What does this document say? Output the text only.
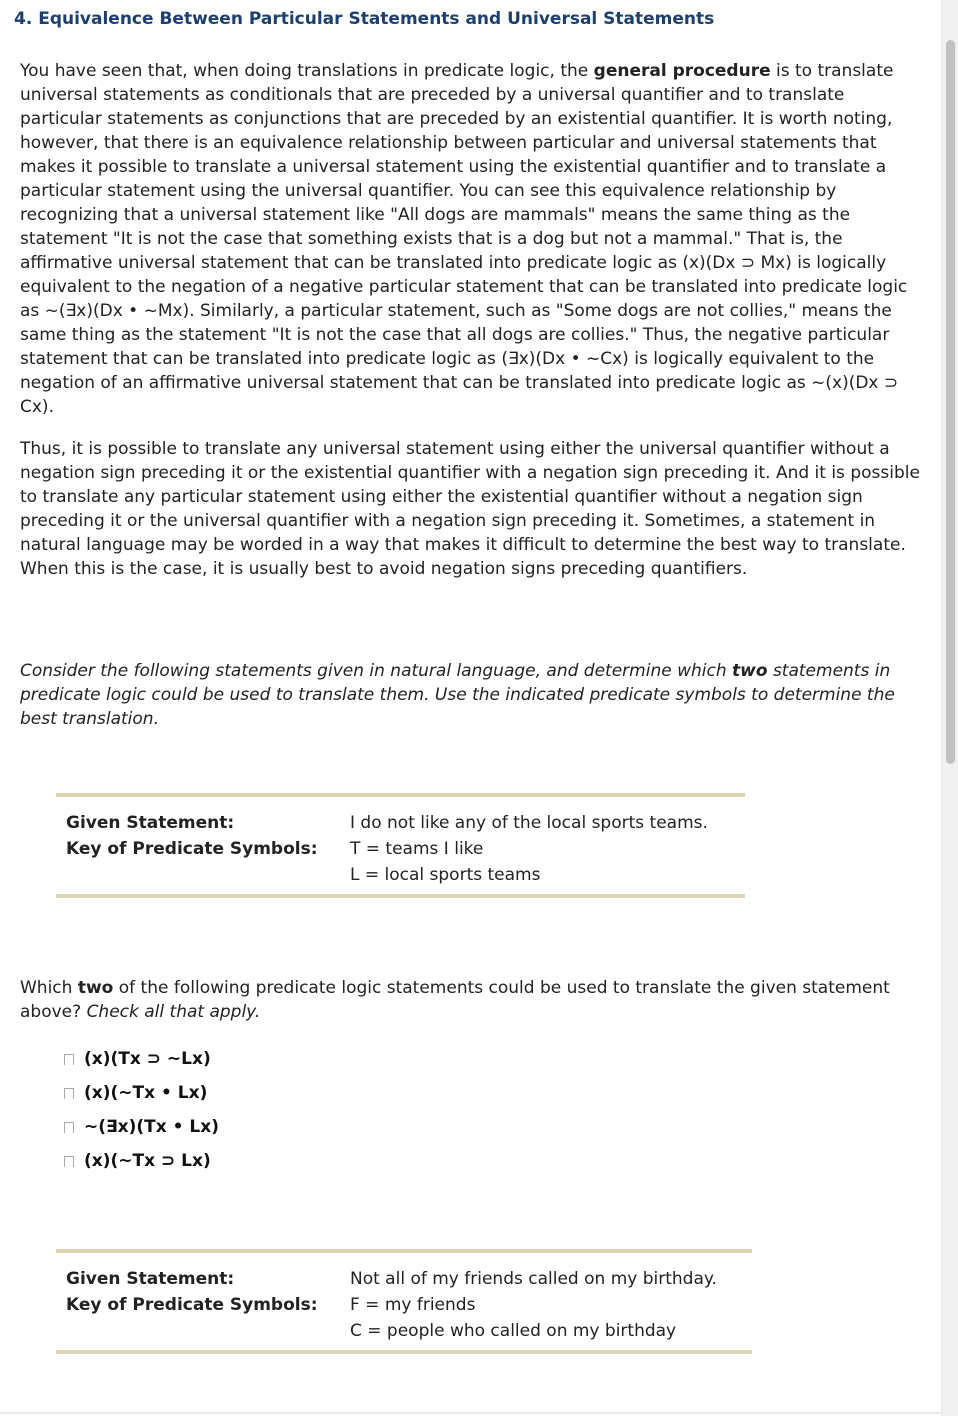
4. Equivalence Between Particular Statements and Universal Statements

You have seen that, when doing translations in predicate logic, the general procedure is to translate universal statements as conditionals that are preceded by a universal quantifier and to translate particular statements as conjunctions that are preceded by an existential quantifier. It is worth noting, however, that there is an equivalence relationship between particular and universal statements that makes it possible to translate a universal statement using the existential quantifier and to translate a particular statement using the universal quantifier. You can see this equivalence relationship by recognizing that a universal statement like "All dogs are mammals" means the same thing as the statement "It is not the case that something exists that is a dog but not a mammal." That is, the affirmative universal statement that can be translated into predicate logic as (x)(Dx ⊃ Mx) is logically equivalent to the negation of a negative particular statement that can be translated into predicate logic as ~(∃x)(Dx • ~Mx). Similarly, a particular statement, such as "Some dogs are not collies," means the same thing as the statement "It is not the case that all dogs are collies." Thus, the negative particular statement that can be translated into predicate logic as (∃x)(Dx • ~Cx) is logically equivalent to the negation of an affirmative universal statement that can be translated into predicate logic as ~(x)(Dx ⊃ Cx).

Thus, it is possible to translate any universal statement using either the universal quantifier without a negation sign preceding it or the existential quantifier with a negation sign preceding it. And it is possible to translate any particular statement using either the existential quantifier without a negation sign preceding it or the universal quantifier with a negation sign preceding it. Sometimes, a statement in natural language may be worded in a way that makes it difficult to determine the best way to translate. When this is the case, it is usually best to avoid negation signs preceding quantifiers.

Consider the following statements given in natural language, and determine which two statements in predicate logic could be used to translate them. Use the indicated predicate symbols to determine the best translation.

Given Statement:	I do not like any of the local sports teams.
Key of Predicate Symbols: T = teams I like
L = local sports teams

Which two of the following predicate logic statements could be used to translate the given statement above? Check all that apply.

(x)(Tx ⊃ ~Lx)
(x)(~Tx • Lx)
~(∃x)(Tx • Lx)
(x)(~Tx ⊃ Lx)
Given Statement:	Not all of my friends called on my birthday.
Key of Predicate Symbols: F = my friends
C = people who called on my birthday
